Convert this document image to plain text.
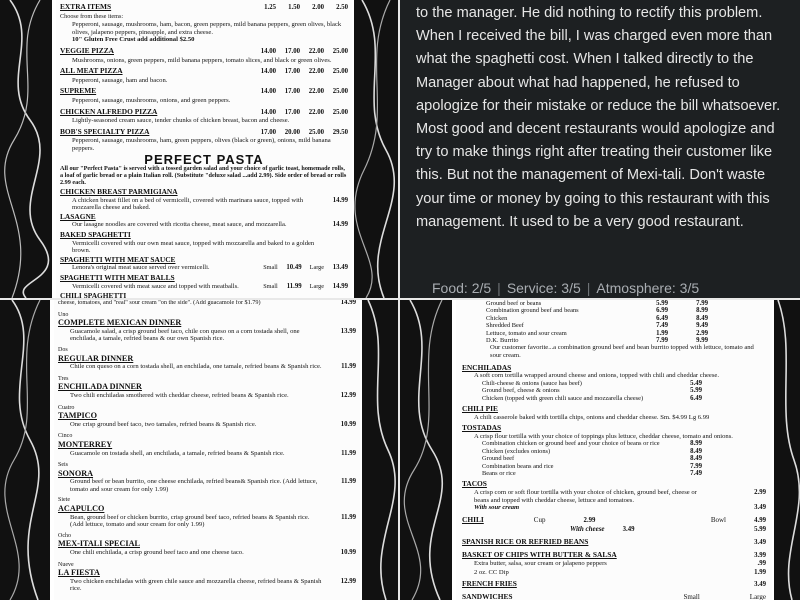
EXTRA ITEMS	1.25	1.50	2.00	2.50
Choose from these items:
Pepperoni, sausage, mushrooms, ham, bacon, green peppers, mild banana peppers, green olives, black olives, jalapeno peppers, pineapple, and extra cheese.
10" Gluten Free Crust add additional $2.50
VEGGIE PIZZA	14.00	17.00	22.00	25.00
Mushrooms, onions, green peppers, mild banana peppers, tomato slices, and black or green olives.
ALL MEAT PIZZA	14.00	17.00	22.00	25.00
Pepperoni, sausage, ham and bacon.
SUPREME	14.00	17.00	22.00	25.00
Pepperoni, sausage, mushrooms, onions, and green peppers.
CHICKEN ALFREDO PIZZA	14.00	17.00	22.00	25.00
Lightly-seasoned cream sauce, tender chunks of chicken breast, bacon and cheese.
BOB'S SPECIALTY PIZZA	17.00	20.00	25.00	29.50
Pepperoni, sausage, mushrooms, ham, green peppers, olives (black or green), onions, mild banana peppers.
PERFECT PASTA
All our "Perfect Pasta" is served with a tossed garden salad and your choice of garlic toast, homemade rolls, a loaf of garlic bread or a plain Italian roll. (Substitute "deluxe salad ...add 2.99). Side order of bread or rolls 2.99 each.
CHICKEN BREAST PARMIGIANA
A chicken breast fillet on a bed of vermicelli, covered with marinara sauce, topped with mozzarella cheese and baked.
14.99
LASAGNE
Our lasagne noodles are covered with ricotta cheese, meat sauce, and mozzarella.	14.99
BAKED SPAGHETTI
Vermicelli covered with our own meat sauce, topped with mozzarella and baked to a golden brown.
SPAGHETTI WITH MEAT SAUCE
Lenora's original meat sauce served over vermicelli.	Small	10.49 Large	13.49
SPAGHETTI WITH MEAT BALLS
Vermicelli covered with meat sauce and topped with meatballs.	Small	11.99 Large	14.99
CHILI SPAGHETTI

to the manager. He did nothing to rectify this problem. When I received the bill, I was charged even more than what the spaghetti cost. When I talked directly to the Manager about what had happened, he refused to apologize for their mistake or reduce the bill whatsoever. Most good and decent restaurants would apologize and try to make things right after treating their customer like this. But not the management of Mexi-tali. Don't waste your time or money by going to this restaurant with this management. It used to be a very good restaurant.

Food: 2/5 | Service: 3/5 | Atmosphere: 3/5
cheese, tomatoes, and "real" sour cream "on the side". (Add guacamole for $1.79)	14.99
Uno
COMPLETE MEXICAN DINNER
Guacamole salad, a crisp ground beef taco, chile con queso on a corn tostada shell, one enchilada, a tamale, refried beans & our own Spanish rice.
13.99
Dos
REGULAR DINNER
Chile con queso on a corn tostada shell, an enchilada, one tamale, refried beans & Spanish rice.	11.99
Tres
ENCHILADA DINNER
Two chili enchiladas smothered with cheddar cheese, refried beans & Spanish rice.	12.99
Cuatro
TAMPICO
One crisp ground beef taco, two tamales, refried beans & Spanish rice.	10.99
Cinco
MONTERREY
Guacamole on tostada shell, an enchilada, a tamale, refried beans & Spanish rice.	11.99
Seis
SONORA
Ground beef or bean burrito, one cheese enchilada, refried beans& Spanish rice. (Add lettuce, tomato and sour cream for only 1.99)
11.99
Siete
ACAPULCO
Bean, ground beef or chicken burrito, crisp ground beef taco, refried beans & Spanish rice. (Add lettuce, tomato and sour cream for only 1.99)
11.99
Ocho
MEX-ITALI SPECIAL
One chili enchilada, a crisp ground beef taco and one cheese taco.	10.99
Nueve
LA FIESTA
Two chicken enchiladas with green chile sauce and mozzarella cheese, refried beans & Spanish rice.
12.99
Ground beef or beans	5.99	7.99
Combination ground beef and beans	6.99	8.99
Chicken	6.49	8.49
Shredded Beef	7.49	9.49
Lettuce, tomato and sour cream	1.99	2.99
D.K. Burrito	7.99	9.99
Our customer favorite...a combination ground beef and bean burrito topped with lettuce, tomato and sour cream.
ENCHILADAS
A soft corn tortilla wrapped around cheese and onions, topped with chili and cheddar cheese.
Chili-cheese & onions (sauce has beef)	5.49
Ground beef, cheese & onions	5.99
Chicken (topped with green chili sauce and mozzarella cheese)	6.49
CHILI PIE
A chili casserole baked with tortilla chips, onions and cheddar cheese. Sm. $4.99 Lg 6.99
TOSTADAS
A crisp flour tortilla with your choice of toppings plus lettuce, cheddar cheese, tomato and onions.
Combination chicken or ground beef and your choice of beans or rice	8.99
Chicken (excludes onions)	8.49
Ground beef	8.49
Combination beans and rice	7.99
Beans or rice	7.49
TACOS
A crisp corn or soft flour tortilla with your choice of chicken, ground beef, cheese or beans and topped with cheddar cheese, lettuce and tomatoes.
2.99
With sour cream	3.49
CHILI	Cup	2.99	Bowl	4.99
With cheese	3.49	5.99
SPANISH RICE OR REFRIED BEANS	3.49
BASKET OF CHIPS WITH BUTTER & SALSA	3.99
Extra butter, salsa, sour cream or jalapeno peppers	.99
2 oz. CC Dip	1.99
FRENCH FRIES	3.49
SANDWICHES	Small	Large
